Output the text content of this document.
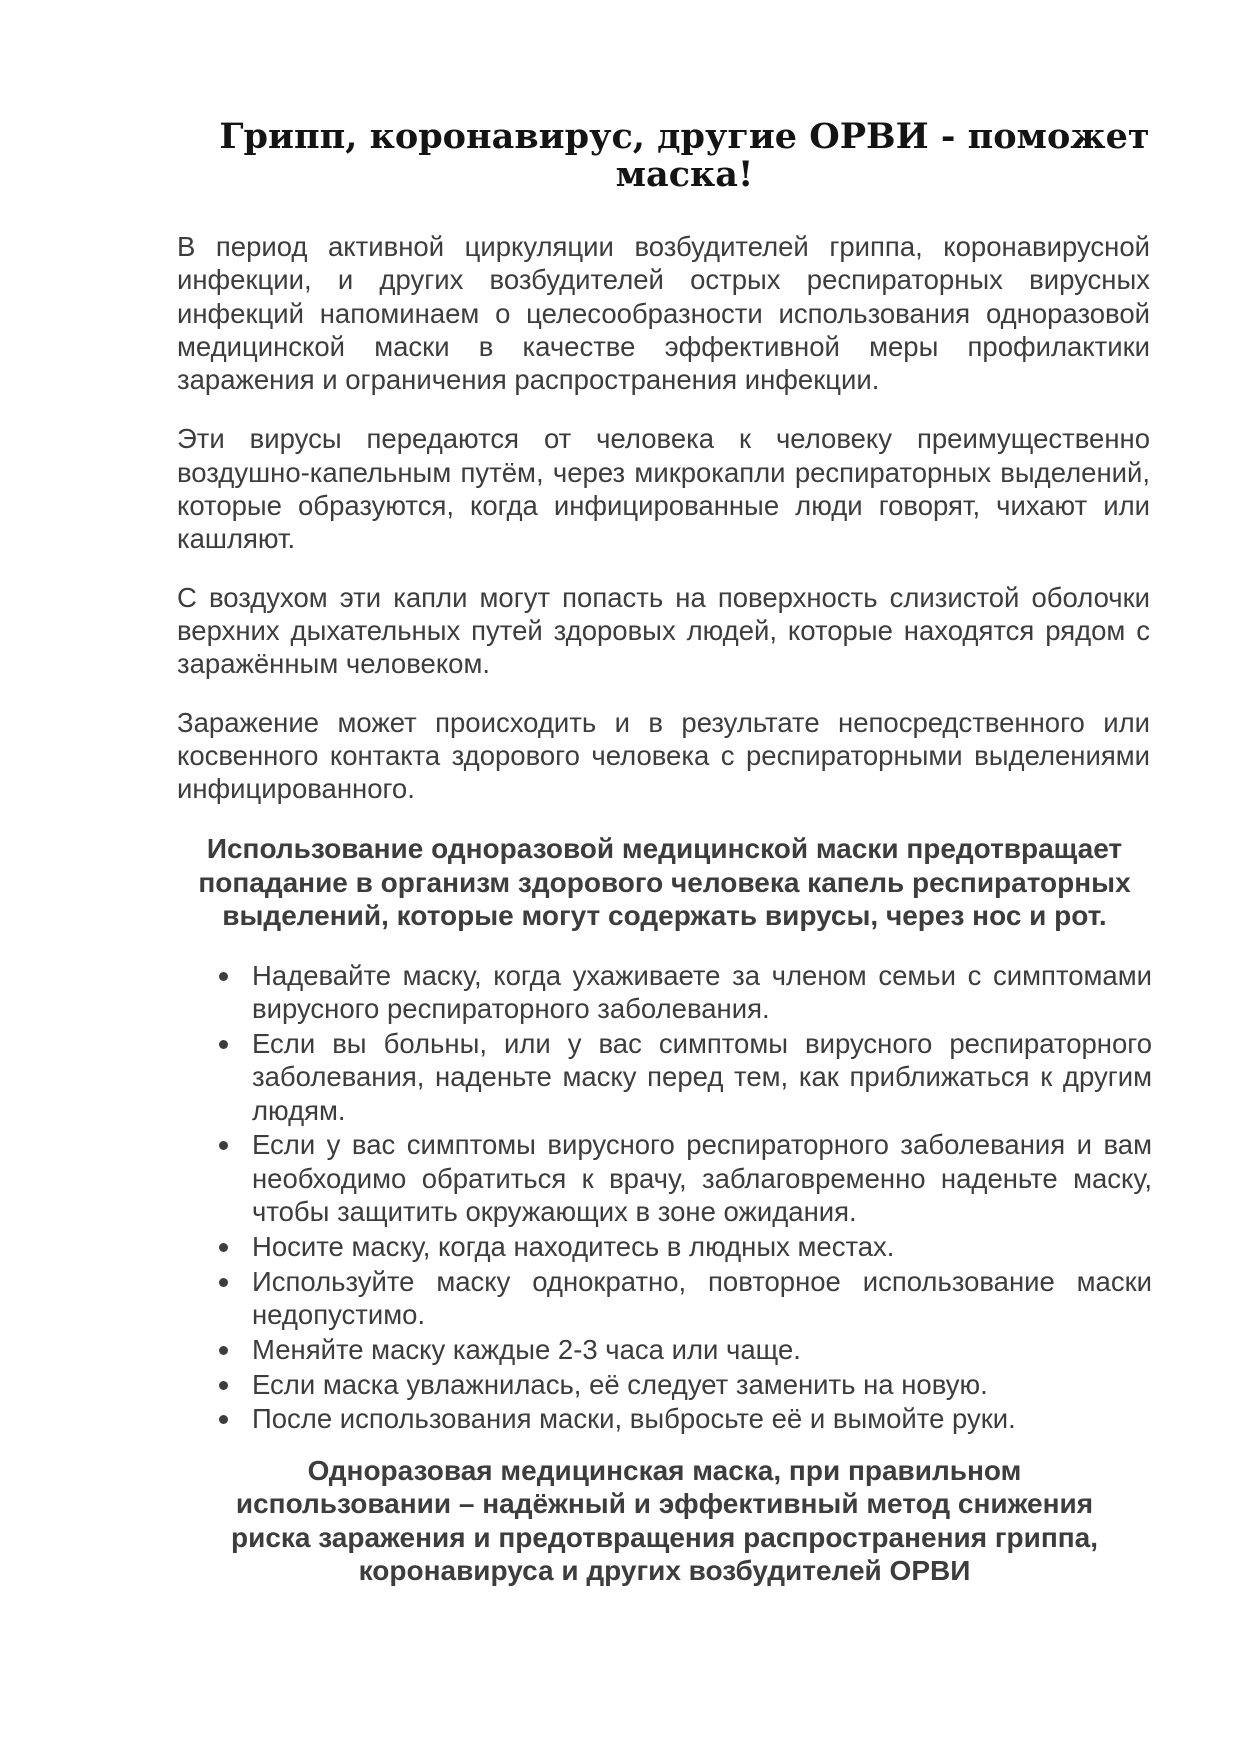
Грипп, коронавирус, другие ОРВИ - поможет маска!

В период активной циркуляции возбудителей гриппа, коронавирусной инфекции, и других возбудителей острых респираторных вирусных инфекций напоминаем о целесообразности использования одноразовой медицинской маски в качестве эффективной меры профилактики заражения и ограничения распространения инфекции.

Эти вирусы передаются от человека к человеку преимущественно воздушно-капельным путём, через микрокапли респираторных выделений, которые образуются, когда инфицированные люди говорят, чихают или кашляют.

С воздухом эти капли могут попасть на поверхность слизистой оболочки верхних дыхательных путей здоровых людей, которые находятся рядом с заражённым человеком.

Заражение может происходить и в результате непосредственного или косвенного контакта здорового человека с респираторными выделениями инфицированного.

Использование одноразовой медицинской маски предотвращает попадание в организм здорового человека капель респираторных выделений, которые могут содержать вирусы, через нос и рот.

Надевайте маску, когда ухаживаете за членом семьи с симптомами вирусного респираторного заболевания.
Если вы больны, или у вас симптомы вирусного респираторного заболевания, наденьте маску перед тем, как приближаться к другим людям.
Если у вас симптомы вирусного респираторного заболевания и вам необходимо обратиться к врачу, заблаговременно наденьте маску, чтобы защитить окружающих в зоне ожидания.
Носите маску, когда находитесь в людных местах.
Используйте маску однократно, повторное использование маски недопустимо.
Меняйте маску каждые 2-3 часа или чаще.
Если маска увлажнилась, её следует заменить на новую.
После использования маски, выбросьте её и вымойте руки.

Одноразовая медицинская маска, при правильном использовании – надёжный и эффективный метод снижения риска заражения и предотвращения распространения гриппа, коронавируса и других возбудителей ОРВИ
